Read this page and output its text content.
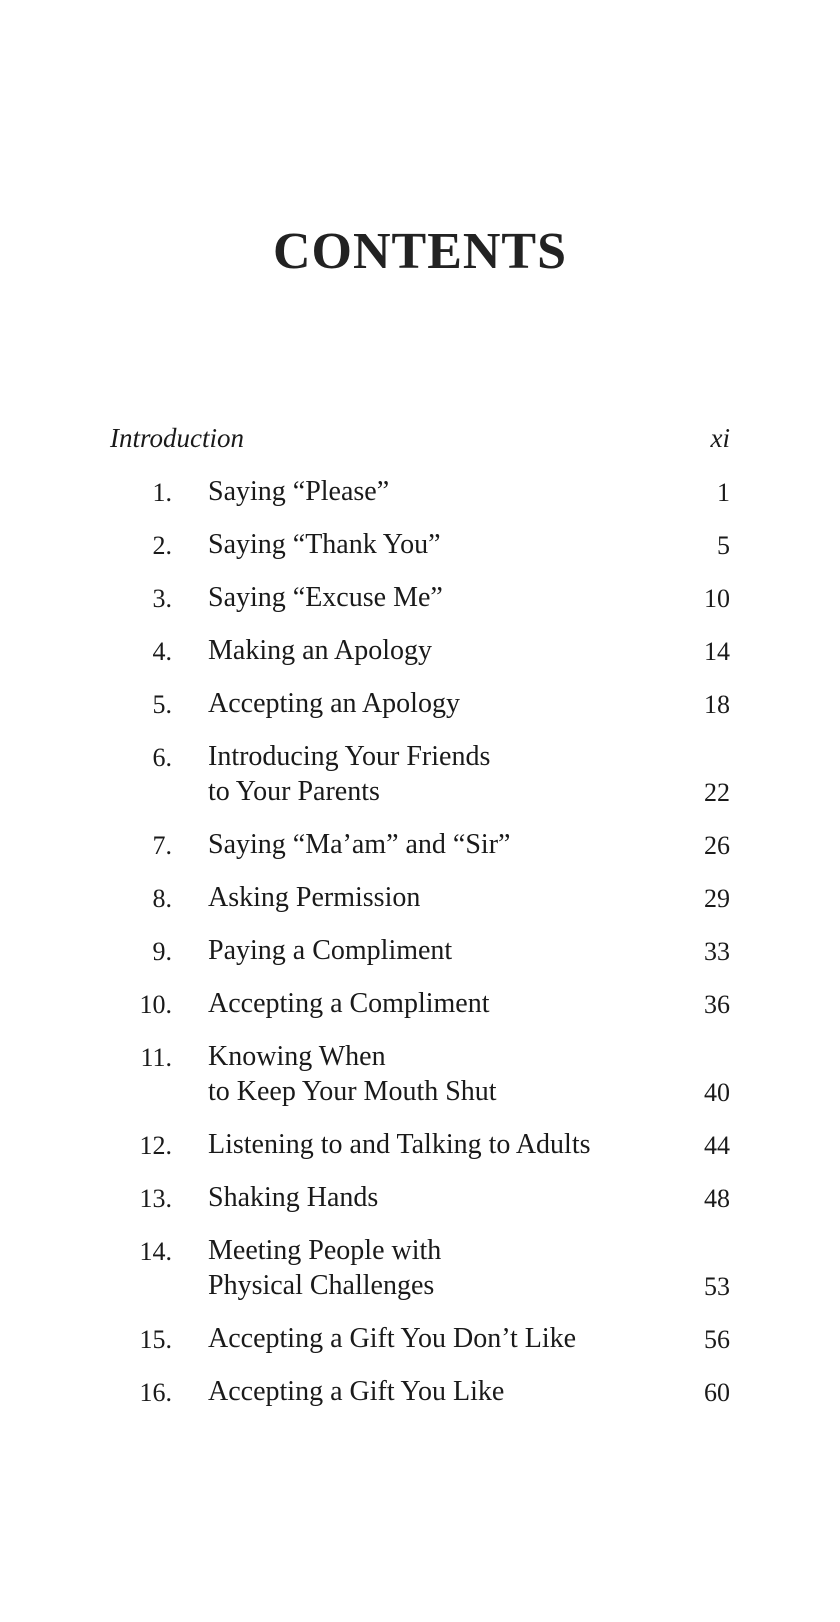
CONTENTS
Introduction	xi
1. Saying “Please”	1
2. Saying “Thank You”	5
3. Saying “Excuse Me”	10
4. Making an Apology	14
5. Accepting an Apology	18
6. Introducing Your Friends
to Your Parents	22
7. Saying “Ma’am” and “Sir”	26
8. Asking Permission	29
9. Paying a Compliment	33
10. Accepting a Compliment	36
11. Knowing When
to Keep Your Mouth Shut	40
12. Listening to and Talking to Adults	44
13. Shaking Hands	48
14. Meeting People with
Physical Challenges	53
15. Accepting a Gift You Don’t Like	56
16. Accepting a Gift You Like	60
